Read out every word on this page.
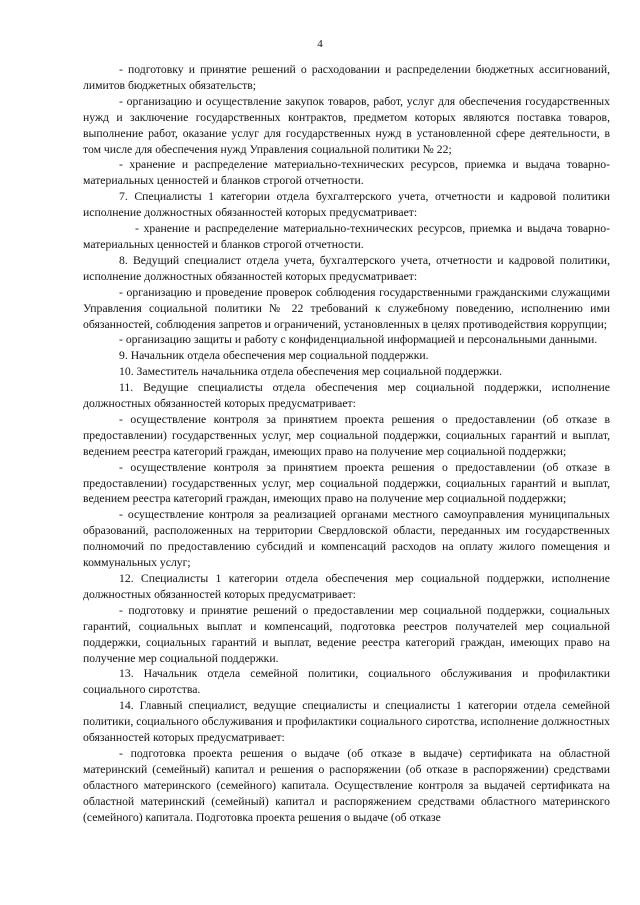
4

- подготовку и принятие решений о расходовании и распределении бюджетных ассигнований, лимитов бюджетных обязательств;

- организацию и осуществление закупок товаров, работ, услуг для обеспечения государственных нужд и заключение государственных контрактов, предметом которых являются поставка товаров, выполнение работ, оказание услуг для государственных нужд в установленной сфере деятельности, в том числе для обеспечения нужд Управления социальной политики № 22;

- хранение и распределение материально-технических ресурсов, приемка и выдача товарно-материальных ценностей и бланков строгой отчетности.

7. Специалисты 1 категории отдела бухгалтерского учета, отчетности и кадровой политики исполнение должностных обязанностей которых предусматривает:

- хранение и распределение материально-технических ресурсов, приемка и выдача товарно-материальных ценностей и бланков строгой отчетности.

8. Ведущий специалист отдела учета, бухгалтерского учета, отчетности и кадровой политики, исполнение должностных обязанностей которых предусматривает:

- организацию и проведение проверок соблюдения государственными гражданскими служащими Управления социальной политики № 22 требований к служебному поведению, исполнению ими обязанностей, соблюдения запретов и ограничений, установленных в целях противодействия коррупции;

- организацию защиты и работу с конфиденциальной информацией и персональными данными.

9. Начальник отдела обеспечения мер социальной поддержки.

10. Заместитель начальника отдела обеспечения мер социальной поддержки.

11. Ведущие специалисты отдела обеспечения мер социальной поддержки, исполнение должностных обязанностей которых предусматривает:

- осуществление контроля за принятием проекта решения о предоставлении (об отказе в предоставлении) государственных услуг, мер социальной поддержки, социальных гарантий и выплат, ведением реестра категорий граждан, имеющих право на получение мер социальной поддержки;

- осуществление контроля за принятием проекта решения о предоставлении (об отказе в предоставлении) государственных услуг, мер социальной поддержки, социальных гарантий и выплат, ведением реестра категорий граждан, имеющих право на получение мер социальной поддержки;

- осуществление контроля за реализацией органами местного самоуправления муниципальных образований, расположенных на территории Свердловской области, переданных им государственных полномочий по предоставлению субсидий и компенсаций расходов на оплату жилого помещения и коммунальных услуг;

12. Специалисты 1 категории отдела обеспечения мер социальной поддержки, исполнение должностных обязанностей которых предусматривает:

- подготовку и принятие решений о предоставлении мер социальной поддержки, социальных гарантий, социальных выплат и компенсаций, подготовка реестров получателей мер социальной поддержки, социальных гарантий и выплат, ведение реестра категорий граждан, имеющих право на получение мер социальной поддержки.

13. Начальник отдела семейной политики, социального обслуживания и профилактики социального сиротства.

14. Главный специалист, ведущие специалисты и специалисты 1 категории отдела семейной политики, социального обслуживания и профилактики социального сиротства, исполнение должностных обязанностей которых предусматривает:

- подготовка проекта решения о выдаче (об отказе в выдаче) сертификата на областной материнский (семейный) капитал и решения о распоряжении (об отказе в распоряжении) средствами областного материнского (семейного) капитала. Осуществление контроля за выдачей сертификата на областной материнский (семейный) капитал и распоряжением средствами областного материнского (семейного) капитала. Подготовка проекта решения о выдаче (об отказе
